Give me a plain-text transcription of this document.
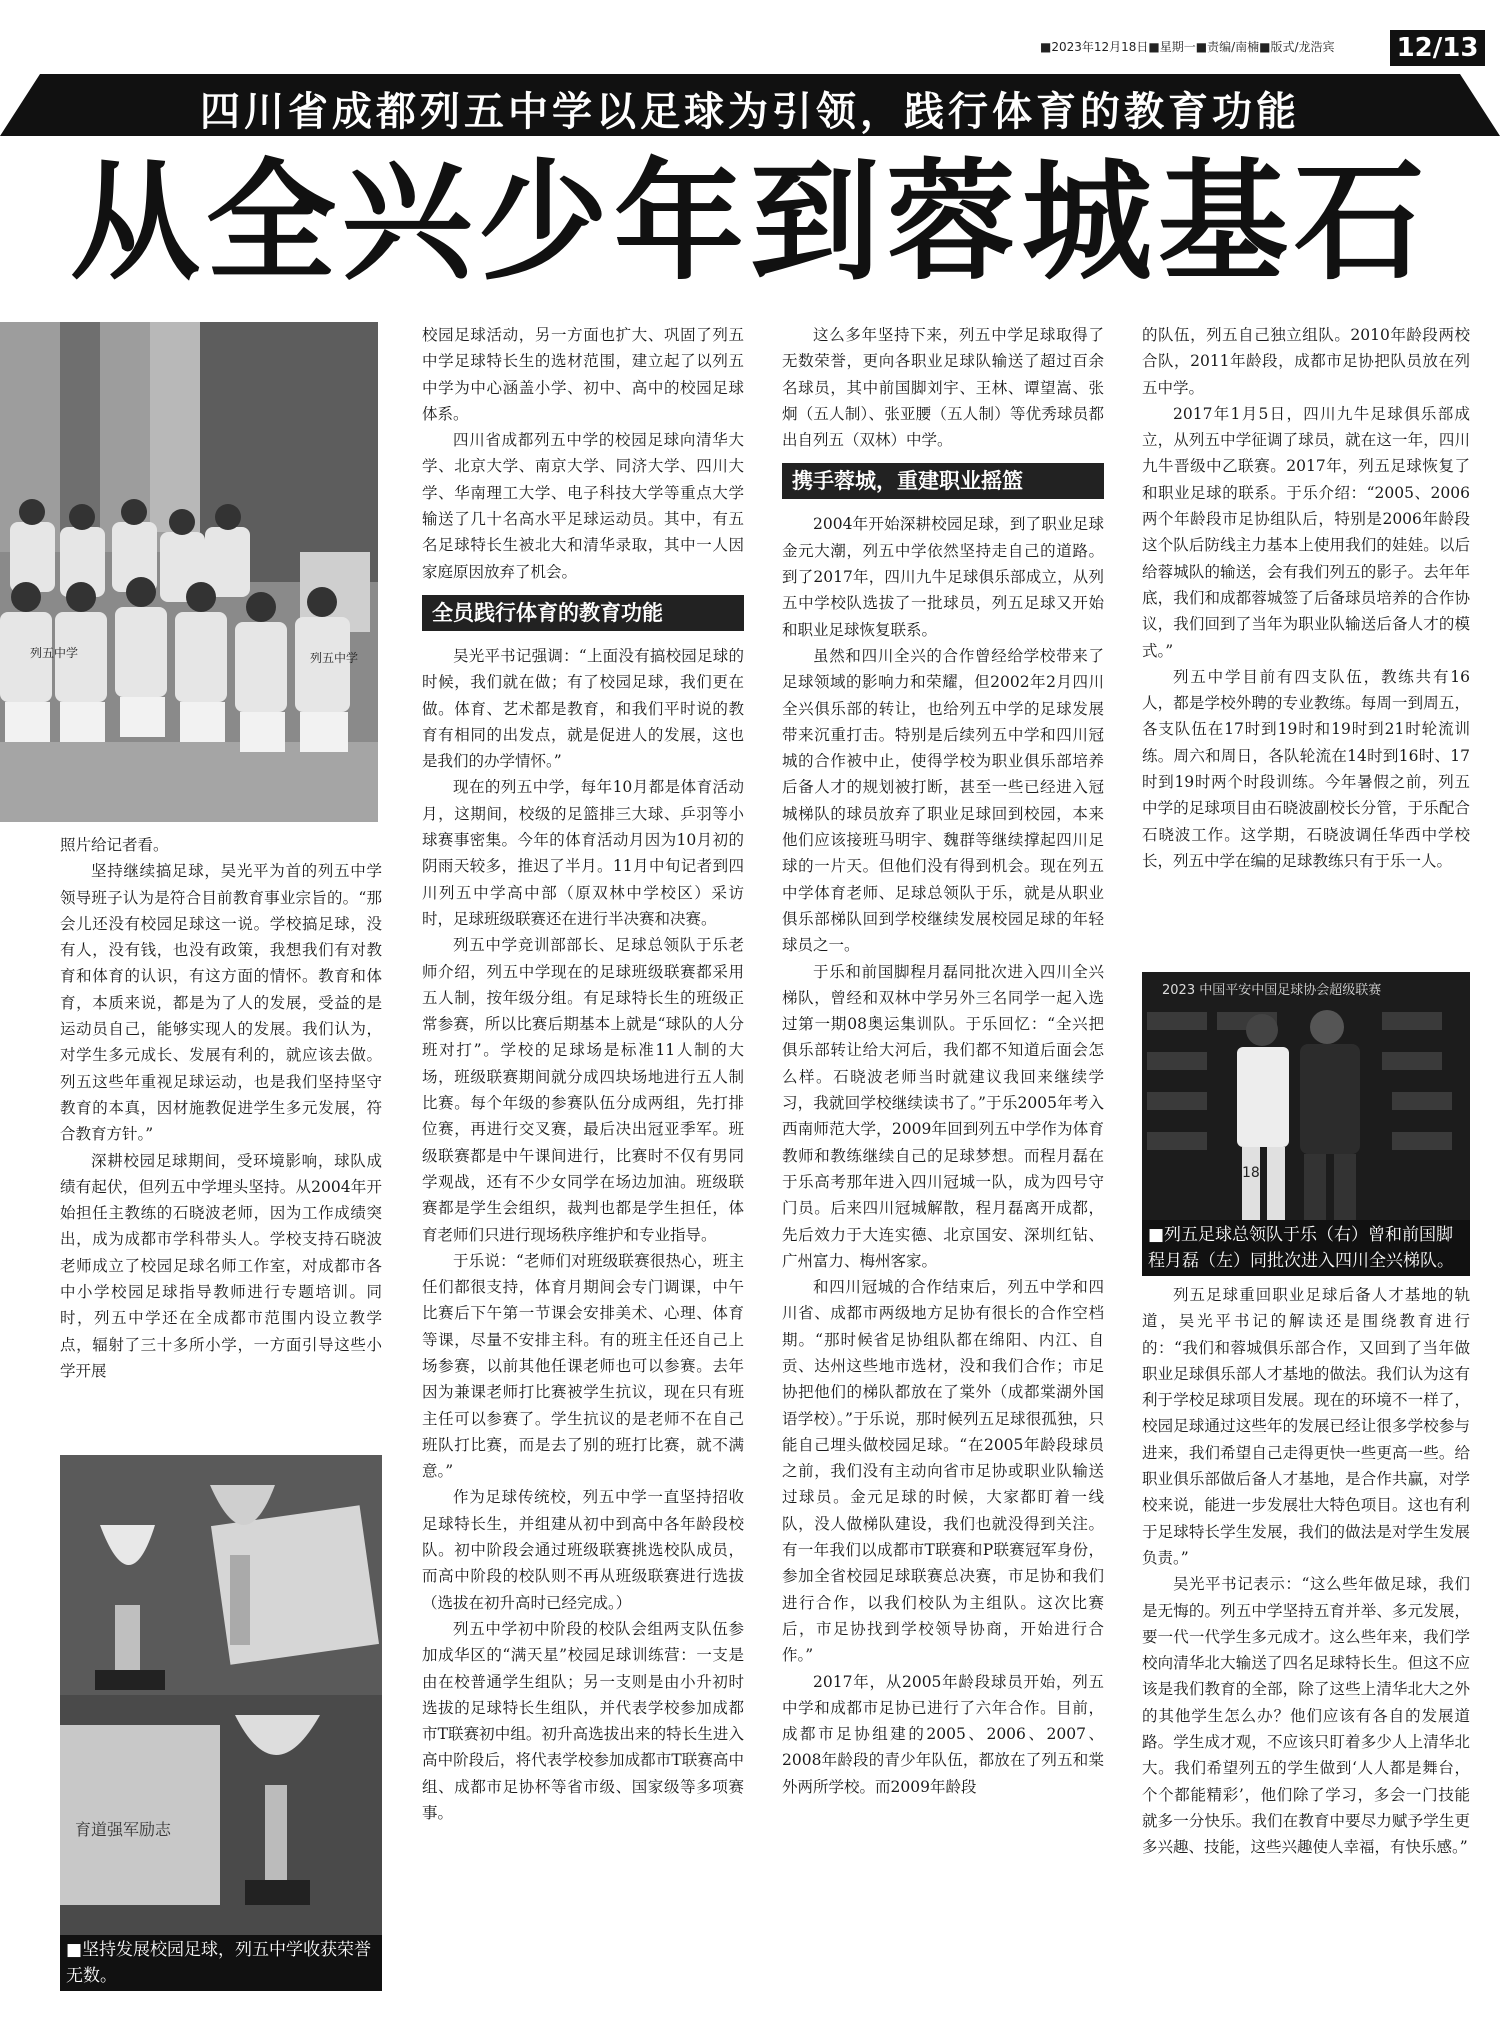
■2023年12月18日■星期一■责编/南楠■版式/龙浩宾 12/13
四川省成都列五中学以足球为引领，践行体育的教育功能
从全兴少年到蓉城基石
列五中学	列五中学

照片给记者看。

坚持继续搞足球，吴光平为首的列五中学领导班子认为是符合目前教育事业宗旨的。“那会儿还没有校园足球这一说。学校搞足球，没有人，没有钱，也没有政策，我想我们有对教育和体育的认识，有这方面的情怀。教育和体育，本质来说，都是为了人的发展，受益的是运动员自己，能够实现人的发展。我们认为，对学生多元成长、发展有利的，就应该去做。列五这些年重视足球运动，也是我们坚持坚守教育的本真，因材施教促进学生多元发展，符合教育方针。”

深耕校园足球期间，受环境影响，球队成绩有起伏，但列五中学埋头坚持。从2004年开始担任主教练的石晓波老师，因为工作成绩突出，成为成都市学科带头人。学校支持石晓波老师成立了校园足球名师工作室，对成都市各中小学校园足球指导教师进行专题培训。同时，列五中学还在全成都市范围内设立教学点，辐射了三十多所小学，一方面引导这些小学开展

育道强军励志
■坚持发展校园足球，列五中学收获荣誉无数。

校园足球活动，另一方面也扩大、巩固了列五中学足球特长生的选材范围，建立起了以列五中学为中心涵盖小学、初中、高中的校园足球体系。

四川省成都列五中学的校园足球向清华大学、北京大学、南京大学、同济大学、四川大学、华南理工大学、电子科技大学等重点大学输送了几十名高水平足球运动员。其中，有五名足球特长生被北大和清华录取，其中一人因家庭原因放弃了机会。

全员践行体育的教育功能

吴光平书记强调：“上面没有搞校园足球的时候，我们就在做；有了校园足球，我们更在做。体育、艺术都是教育，和我们平时说的教育有相同的出发点，就是促进人的发展，这也是我们的办学情怀。”

现在的列五中学，每年10月都是体育活动月，这期间，校级的足篮排三大球、乒羽等小球赛事密集。今年的体育活动月因为10月初的阴雨天较多，推迟了半月。11月中旬记者到四川列五中学高中部（原双林中学校区）采访时，足球班级联赛还在进行半决赛和决赛。

列五中学竞训部部长、足球总领队于乐老师介绍，列五中学现在的足球班级联赛都采用五人制，按年级分组。有足球特长生的班级正常参赛，所以比赛后期基本上就是“球队的人分班对打”。学校的足球场是标准11人制的大场，班级联赛期间就分成四块场地进行五人制比赛。每个年级的参赛队伍分成两组，先打排位赛，再进行交叉赛，最后决出冠亚季军。班级联赛都是中午课间进行，比赛时不仅有男同学观战，还有不少女同学在场边加油。班级联赛都是学生会组织，裁判也都是学生担任，体育老师们只进行现场秩序维护和专业指导。

于乐说：“老师们对班级联赛很热心，班主任们都很支持，体育月期间会专门调课，中午比赛后下午第一节课会安排美术、心理、体育等课，尽量不安排主科。有的班主任还自己上场参赛，以前其他任课老师也可以参赛。去年因为兼课老师打比赛被学生抗议，现在只有班主任可以参赛了。学生抗议的是老师不在自己班队打比赛，而是去了别的班打比赛，就不满意。”

作为足球传统校，列五中学一直坚持招收足球特长生，并组建从初中到高中各年龄段校队。初中阶段会通过班级联赛挑选校队成员，而高中阶段的校队则不再从班级联赛进行选拔（选拔在初升高时已经完成。）

列五中学初中阶段的校队会组两支队伍参加成华区的“满天星”校园足球训练营：一支是由在校普通学生组队；另一支则是由小升初时选拔的足球特长生组队，并代表学校参加成都市T联赛初中组。初升高选拔出来的特长生进入高中阶段后，将代表学校参加成都市T联赛高中组、成都市足协杯等省市级、国家级等多项赛事。

这么多年坚持下来，列五中学足球取得了无数荣誉，更向各职业足球队输送了超过百余名球员，其中前国脚刘宇、王林、谭望嵩、张炯（五人制）、张亚腰（五人制）等优秀球员都出自列五（双林）中学。

携手蓉城，重建职业摇篮

2004年开始深耕校园足球，到了职业足球金元大潮，列五中学依然坚持走自己的道路。到了2017年，四川九牛足球俱乐部成立，从列五中学校队选拔了一批球员，列五足球又开始和职业足球恢复联系。

虽然和四川全兴的合作曾经给学校带来了足球领域的影响力和荣耀，但2002年2月四川全兴俱乐部的转让，也给列五中学的足球发展带来沉重打击。特别是后续列五中学和四川冠城的合作被中止，使得学校为职业俱乐部培养后备人才的规划被打断，甚至一些已经进入冠城梯队的球员放弃了职业足球回到校园，本来他们应该接班马明宇、魏群等继续撑起四川足球的一片天。但他们没有得到机会。现在列五中学体育老师、足球总领队于乐，就是从职业俱乐部梯队回到学校继续发展校园足球的年轻球员之一。

于乐和前国脚程月磊同批次进入四川全兴梯队，曾经和双林中学另外三名同学一起入选过第一期08奥运集训队。于乐回忆：“全兴把俱乐部转让给大河后，我们都不知道后面会怎么样。石晓波老师当时就建议我回来继续学习，我就回学校继续读书了。”于乐2005年考入西南师范大学，2009年回到列五中学作为体育教师和教练继续自己的足球梦想。而程月磊在于乐高考那年进入四川冠城一队，成为四号守门员。后来四川冠城解散，程月磊离开成都，先后效力于大连实德、北京国安、深圳红钻、广州富力、梅州客家。

和四川冠城的合作结束后，列五中学和四川省、成都市两级地方足协有很长的合作空档期。“那时候省足协组队都在绵阳、内江、自贡、达州这些地市选材，没和我们合作；市足协把他们的梯队都放在了棠外（成都棠湖外国语学校）。”于乐说，那时候列五足球很孤独，只能自己埋头做校园足球。“在2005年龄段球员之前，我们没有主动向省市足协或职业队输送过球员。金元足球的时候，大家都盯着一线队，没人做梯队建设，我们也就没得到关注。有一年我们以成都市T联赛和P联赛冠军身份，参加全省校园足球联赛总决赛，市足协和我们进行合作，以我们校队为主组队。这次比赛后，市足协找到学校领导协商，开始进行合作。”

2017年，从2005年龄段球员开始，列五中学和成都市足协已进行了六年合作。目前，成都市足协组建的2005、2006、2007、2008年龄段的青少年队伍，都放在了列五和棠外两所学校。而2009年龄段

的队伍，列五自己独立组队。2010年龄段两校合队，2011年龄段，成都市足协把队员放在列五中学。

2017年1月5日，四川九牛足球俱乐部成立，从列五中学征调了球员，就在这一年，四川九牛晋级中乙联赛。2017年，列五足球恢复了和职业足球的联系。于乐介绍：“2005、2006两个年龄段市足协组队后，特别是2006年龄段这个队后防线主力基本上使用我们的娃娃。以后给蓉城队的输送，会有我们列五的影子。去年年底，我们和成都蓉城签了后备球员培养的合作协议，我们回到了当年为职业队输送后备人才的模式。”

列五中学目前有四支队伍，教练共有16人，都是学校外聘的专业教练。每周一到周五，各支队伍在17时到19时和19时到21时轮流训练。周六和周日，各队轮流在14时到16时、17时到19时两个时段训练。今年暑假之前，列五中学的足球项目由石晓波副校长分管，于乐配合石晓波工作。这学期，石晓波调任华西中学校长，列五中学在编的足球教练只有于乐一人。

2023 中国平安中国足球协会超级联赛
18
■列五足球总领队于乐（右）曾和前国脚程月磊（左）同批次进入四川全兴梯队。

列五足球重回职业足球后备人才基地的轨道，吴光平书记的解读还是围绕教育进行的：“我们和蓉城俱乐部合作，又回到了当年做职业足球俱乐部人才基地的做法。我们认为这有利于学校足球项目发展。现在的环境不一样了，校园足球通过这些年的发展已经让很多学校参与进来，我们希望自己走得更快一些更高一些。给职业俱乐部做后备人才基地，是合作共赢，对学校来说，能进一步发展壮大特色项目。这也有利于足球特长学生发展，我们的做法是对学生发展负责。”

吴光平书记表示：“这么些年做足球，我们是无悔的。列五中学坚持五育并举、多元发展，要一代一代学生多元成才。这么些年来，我们学校向清华北大输送了四名足球特长生。但这不应该是我们教育的全部，除了这些上清华北大之外的其他学生怎么办？他们应该有各自的发展道路。学生成才观，不应该只盯着多少人上清华北大。我们希望列五的学生做到‘人人都是舞台，个个都能精彩’，他们除了学习，多会一门技能就多一分快乐。我们在教育中要尽力赋予学生更多兴趣、技能，这些兴趣使人幸福，有快乐感。”
